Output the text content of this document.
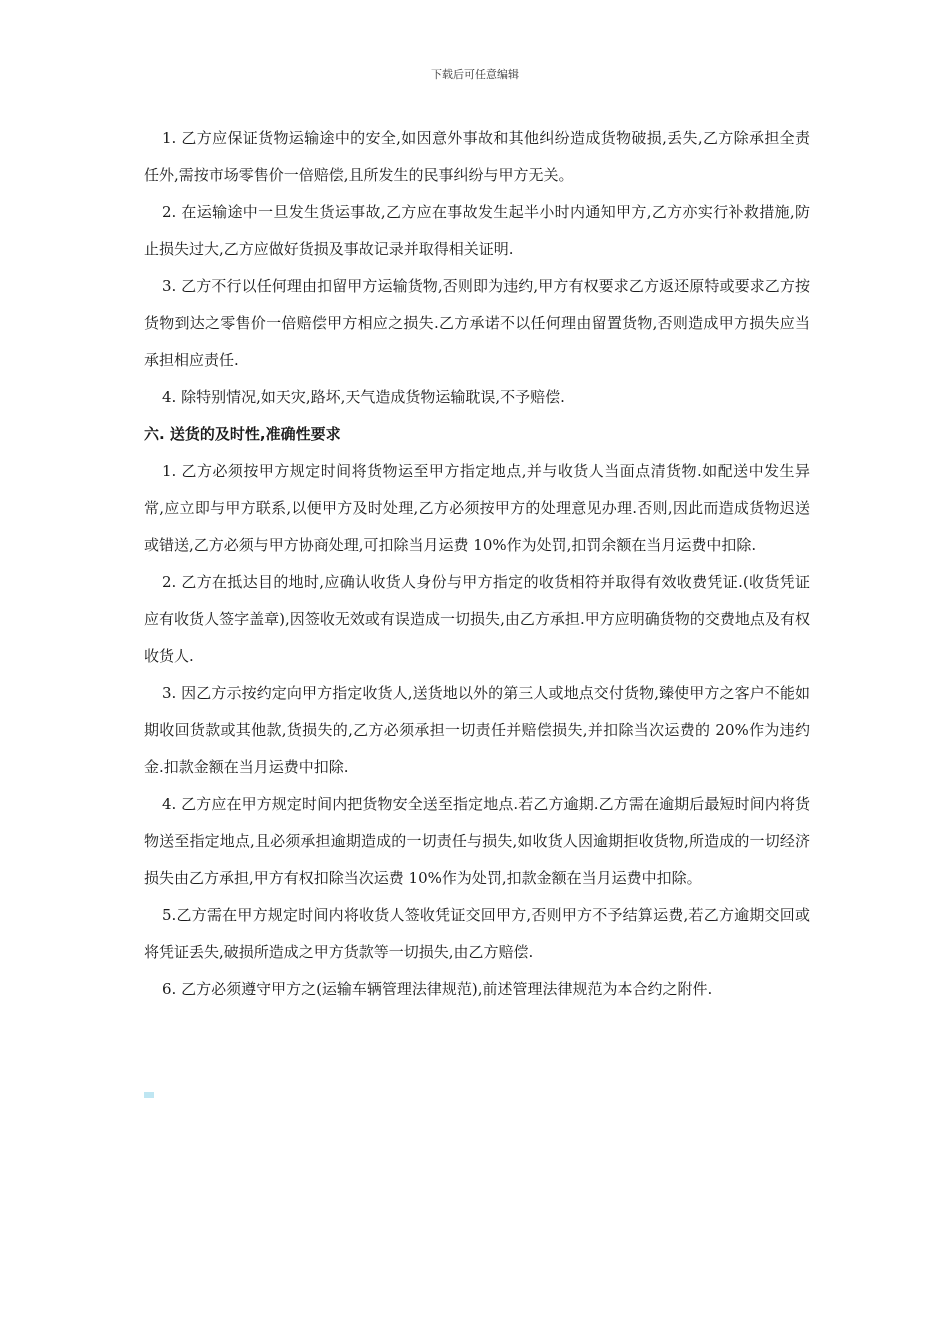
下载后可任意编辑

1. 乙方应保证货物运输途中的安全,如因意外事故和其他纠纷造成货物破损,丢失,乙方除承担全责任外,需按市场零售价一倍赔偿,且所发生的民事纠纷与甲方无关。

2. 在运输途中一旦发生货运事故,乙方应在事故发生起半小时内通知甲方,乙方亦实行补救措施,防止损失过大,乙方应做好货损及事故记录并取得相关证明.

3. 乙方不行以任何理由扣留甲方运输货物,否则即为违约,甲方有权要求乙方返还原特或要求乙方按货物到达之零售价一倍赔偿甲方相应之损失.乙方承诺不以任何理由留置货物,否则造成甲方损失应当承担相应责任.

4. 除特别情况,如天灾,路坏,天气造成货物运输耽误,不予赔偿.

六. 送货的及时性,准确性要求

1. 乙方必须按甲方规定时间将货物运至甲方指定地点,并与收货人当面点清货物.如配送中发生异常,应立即与甲方联系,以便甲方及时处理,乙方必须按甲方的处理意见办理.否则,因此而造成货物迟送或错送,乙方必须与甲方协商处理,可扣除当月运费 10%作为处罚,扣罚余额在当月运费中扣除.

2. 乙方在抵达目的地时,应确认收货人身份与甲方指定的收货相符并取得有效收费凭证.(收货凭证应有收货人签字盖章),因签收无效或有误造成一切损失,由乙方承担.甲方应明确货物的交费地点及有权收货人.

3. 因乙方示按约定向甲方指定收货人,送货地以外的第三人或地点交付货物,臻使甲方之客户不能如期收回货款或其他款,货损失的,乙方必须承担一切责任并赔偿损失,并扣除当次运费的 20%作为违约金.扣款金额在当月运费中扣除.

4. 乙方应在甲方规定时间内把货物安全送至指定地点.若乙方逾期.乙方需在逾期后最短时间内将货物送至指定地点,且必须承担逾期造成的一切责任与损失,如收货人因逾期拒收货物,所造成的一切经济损失由乙方承担,甲方有权扣除当次运费 10%作为处罚,扣款金额在当月运费中扣除。

5.乙方需在甲方规定时间内将收货人签收凭证交回甲方,否则甲方不予结算运费,若乙方逾期交回或将凭证丢失,破损所造成之甲方货款等一切损失,由乙方赔偿.

6. 乙方必须遵守甲方之(运输车辆管理法律规范),前述管理法律规范为本合约之附件.
